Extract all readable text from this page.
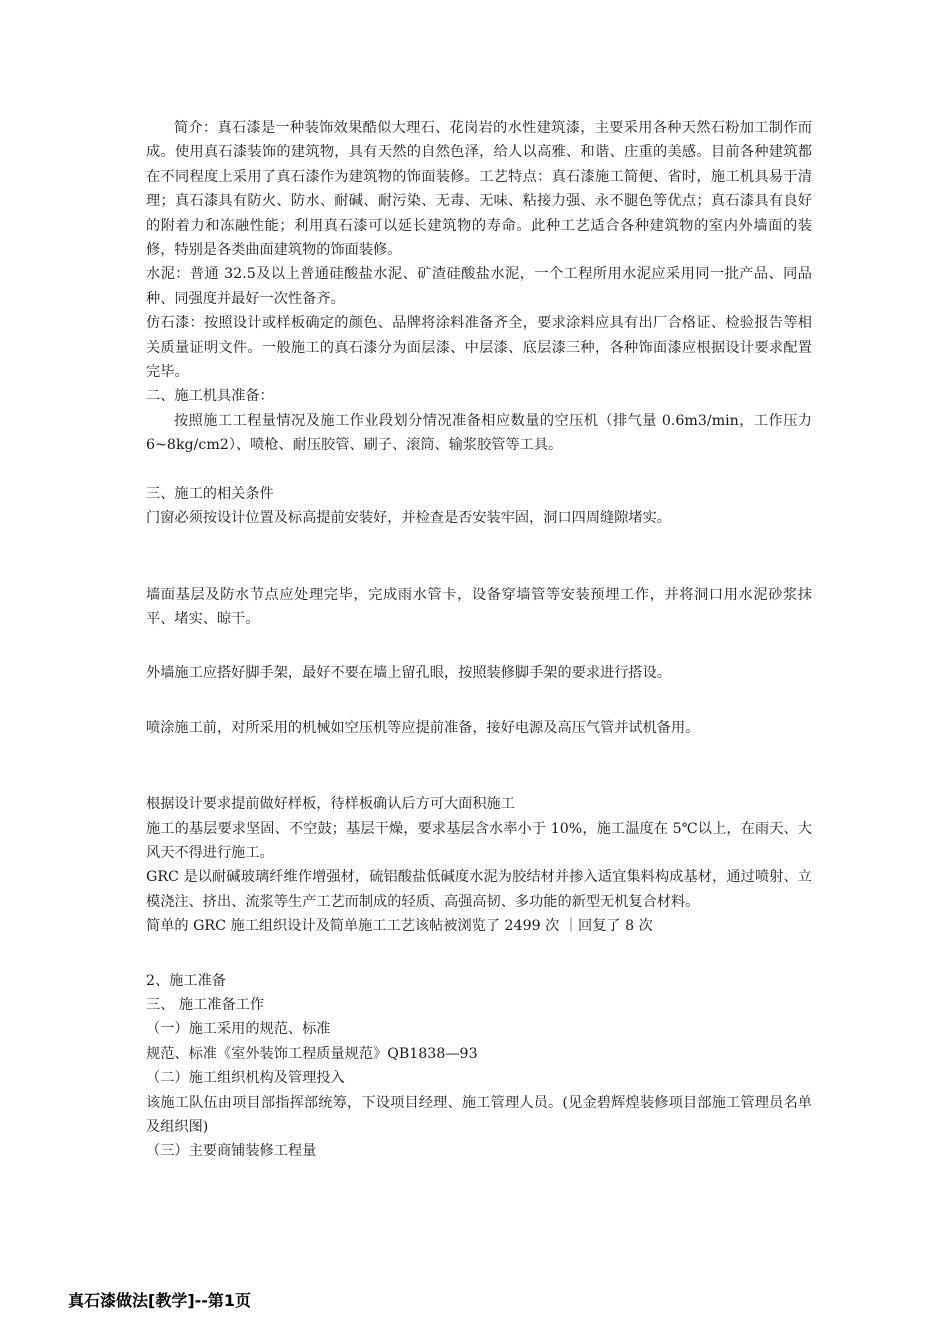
简介：真石漆是一种装饰效果酷似大理石、花岗岩的水性建筑漆，主要采用各种天然石粉加工制作而成。使用真石漆装饰的建筑物，具有天然的自然色泽，给人以高雅、和谐、庄重的美感。目前各种建筑都在不同程度上采用了真石漆作为建筑物的饰面装修。工艺特点：真石漆施工简便、省时，施工机具易于清理；真石漆具有防火、防水、耐碱、耐污染、无毒、无味、粘接力强、永不腿色等优点；真石漆具有良好的附着力和冻融性能；利用真石漆可以延长建筑物的寿命。此种工艺适合各种建筑物的室内外墙面的装修，特别是各类曲面建筑物的饰面装修。

水泥：普通 32.5及以上普通硅酸盐水泥、矿渣硅酸盐水泥，一个工程所用水泥应采用同一批产品、同品种、同强度并最好一次性备齐。

仿石漆：按照设计或样板确定的颜色、品牌将涂料准备齐全，要求涂料应具有出厂合格证、检验报告等相关质量证明文件。一般施工的真石漆分为面层漆、中层漆、底层漆三种，各种饰面漆应根据设计要求配置完毕。

二、施工机具准备：

按照施工工程量情况及施工作业段划分情况准备相应数量的空压机（排气量 0.6m3/min，工作压力 6~8kg/cm2）、喷枪、耐压胶管、刷子、滚筒、输浆胶管等工具。

三、施工的相关条件

门窗必须按设计位置及标高提前安装好，并检查是否安装牢固，洞口四周缝隙堵实。

墙面基层及防水节点应处理完毕，完成雨水管卡，设备穿墙管等安装预埋工作，并将洞口用水泥砂浆抹平、堵实、晾干。

外墙施工应搭好脚手架，最好不要在墙上留孔眼，按照装修脚手架的要求进行搭设。

喷涂施工前，对所采用的机械如空压机等应提前准备，接好电源及高压气管并试机备用。

根据设计要求提前做好样板，待样板确认后方可大面积施工

施工的基层要求坚固、不空鼓；基层干燥，要求基层含水率小于 10%，施工温度在 5℃以上，在雨天、大风天不得进行施工。

GRC 是以耐碱玻璃纤维作增强材，硫铝酸盐低碱度水泥为胶结材并掺入适宜集料构成基材，通过喷射、立模浇注、挤出、流浆等生产工艺而制成的轻质、高强高韧、多功能的新型无机复合材料。

简单的 GRC 施工组织设计及简单施工工艺该帖被浏览了 2499 次 ｜回复了 8 次

2、施工准备

三、 施工准备工作

（一）施工采用的规范、标准

规范、标准《室外装饰工程质量规范》QB1838—93

（二）施工组织机构及管理投入

该施工队伍由项目部指挥部统筹，下设项目经理、施工管理人员。(见金碧辉煌装修项目部施工管理员名单及组织图)

（三）主要商铺装修工程量

真石漆做法[教学]--第1页
